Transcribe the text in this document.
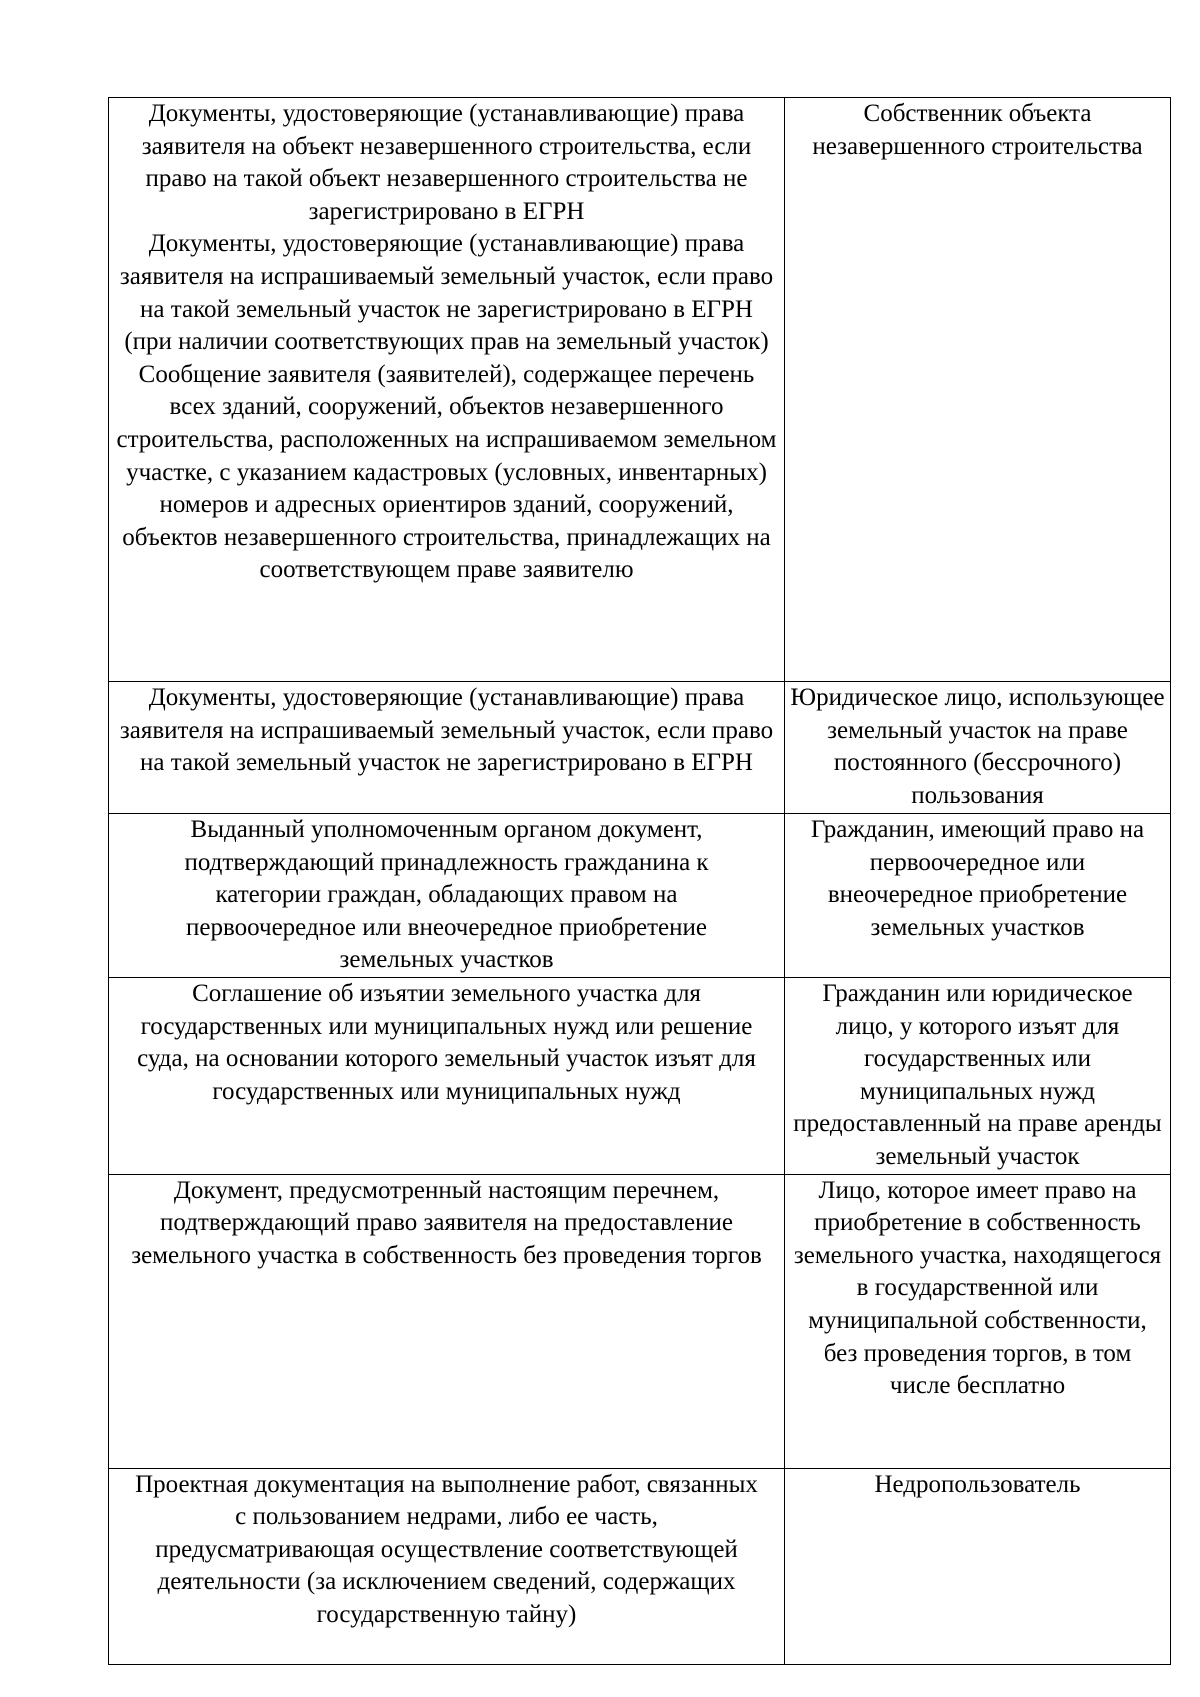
Документы, удостоверяющие (устанавливающие) права заявителя на объект незавершенного строительства, если право на такой объект незавершенного строительства не зарегистрировано в ЕГРН
Документы, удостоверяющие (устанавливающие) права заявителя на испрашиваемый земельный участок, если право на такой земельный участок не зарегистрировано в ЕГРН (при наличии соответствующих прав на земельный участок)
Сообщение заявителя (заявителей), содержащее перечень всех зданий, сооружений, объектов незавершенного строительства, расположенных на испрашиваемом земельном участке, с указанием кадастровых (условных, инвентарных) номеров и адресных ориентиров зданий, сооружений, объектов незавершенного строительства, принадлежащих на соответствующем праве заявителю	Собственник объекта незавершенного строительства

Документы, удостоверяющие (устанавливающие) права заявителя на испрашиваемый земельный участок, если право на такой земельный участок не зарегистрировано в ЕГРН	Юридическое лицо, использующее земельный участок на праве постоянного (бессрочного) пользования

Выданный уполномоченным органом документ, подтверждающий принадлежность гражданина к категории граждан, обладающих правом на первоочередное или внеочередное приобретение земельных участков	Гражданин, имеющий право на первоочередное или внеочередное приобретение земельных участков

Соглашение об изъятии земельного участка для государственных или муниципальных нужд или решение суда, на основании которого земельный участок изъят для государственных или муниципальных нужд	Гражданин или юридическое лицо, у которого изъят для государственных или муниципальных нужд предоставленный на праве аренды земельный участок

Документ, предусмотренный настоящим перечнем, подтверждающий право заявителя на предоставление земельного участка в собственность без проведения торгов	Лицо, которое имеет право на приобретение в собственность земельного участка, находящегося в государственной или муниципальной собственности, без проведения торгов, в том числе бесплатно

Проектная документация на выполнение работ, связанных с пользованием недрами, либо ее часть, предусматривающая осуществление соответствующей деятельности (за исключением сведений, содержащих государственную тайну)	Недропользователь
